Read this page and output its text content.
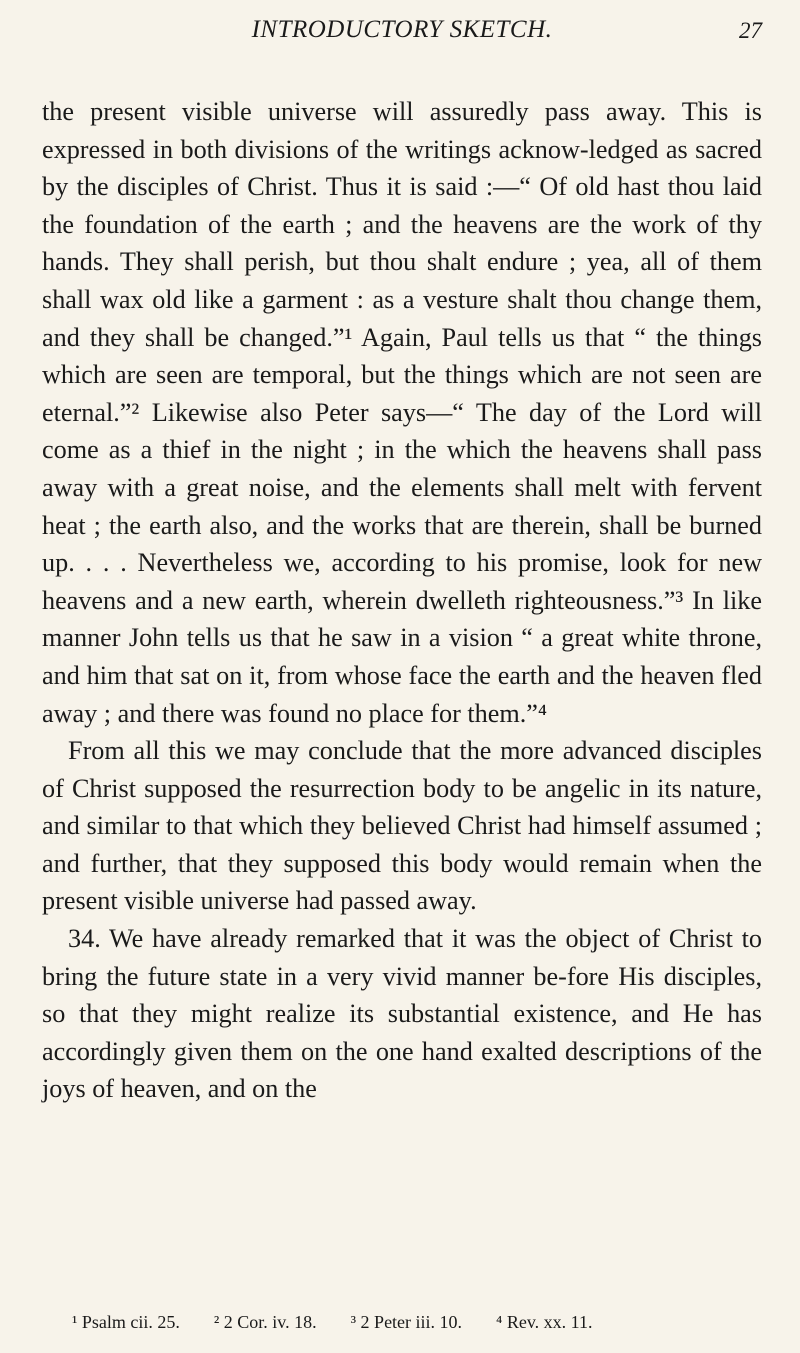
INTRODUCTORY SKETCH.	27

the present visible universe will assuredly pass away. This is expressed in both divisions of the writings acknow-ledged as sacred by the disciples of Christ. Thus it is said :—“ Of old hast thou laid the foundation of the earth ; and the heavens are the work of thy hands. They shall perish, but thou shalt endure ; yea, all of them shall wax old like a garment : as a vesture shalt thou change them, and they shall be changed.”¹ Again, Paul tells us that “ the things which are seen are temporal, but the things which are not seen are eternal.”² Likewise also Peter says—“ The day of the Lord will come as a thief in the night ; in the which the heavens shall pass away with a great noise, and the elements shall melt with fervent heat ; the earth also, and the works that are therein, shall be burned up. . . . Nevertheless we, according to his promise, look for new heavens and a new earth, wherein dwelleth righteousness.”³ In like manner John tells us that he saw in a vision “ a great white throne, and him that sat on it, from whose face the earth and the heaven fled away ; and there was found no place for them.”⁴

From all this we may conclude that the more advanced disciples of Christ supposed the resurrection body to be angelic in its nature, and similar to that which they believed Christ had himself assumed ; and further, that they supposed this body would remain when the present visible universe had passed away.

34. We have already remarked that it was the object of Christ to bring the future state in a very vivid manner be-fore His disciples, so that they might realize its substantial existence, and He has accordingly given them on the one hand exalted descriptions of the joys of heaven, and on the

¹ Psalm cii. 25. ² 2 Cor. iv. 18. ³ 2 Peter iii. 10. ⁴ Rev. xx. 11.
